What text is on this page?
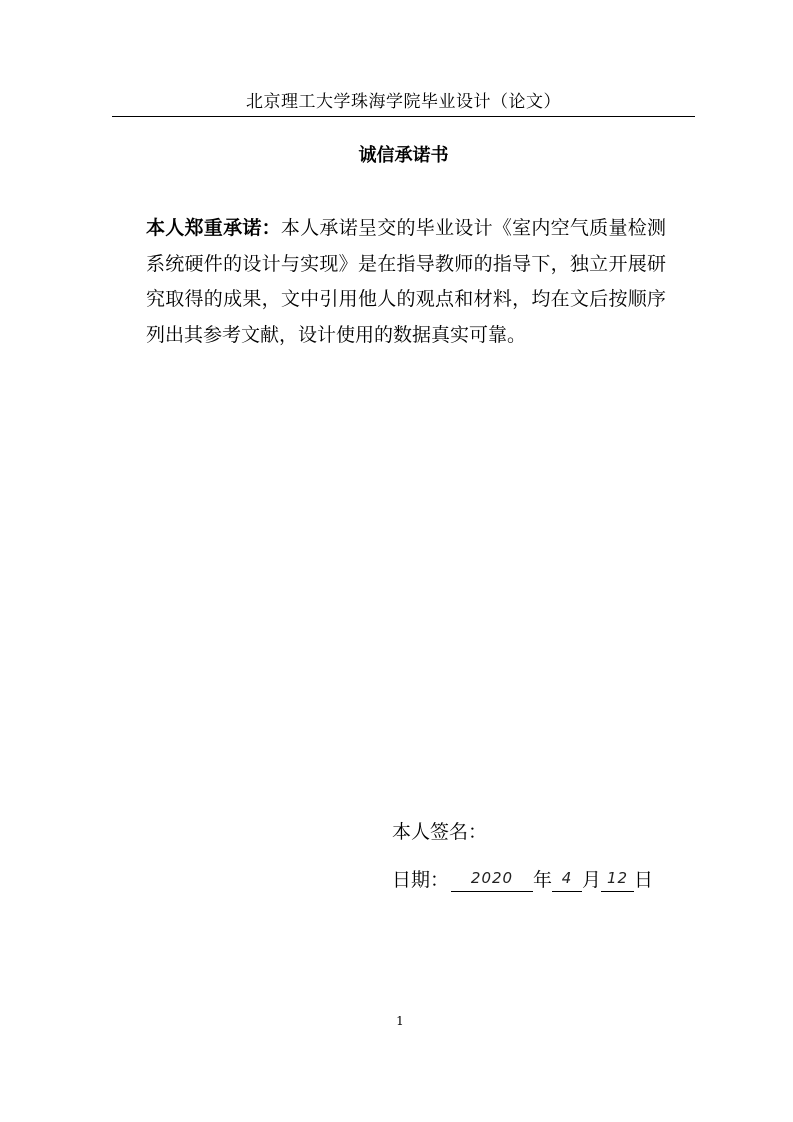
北京理工大学珠海学院毕业设计（论文）
诚信承诺书
本人郑重承诺：本人承诺呈交的毕业设计《室内空气质量检测系统硬件的设计与实现》是在指导教师的指导下，独立开展研究取得的成果，文中引用他人的观点和材料，均在文后按顺序列出其参考文献，设计使用的数据真实可靠。
本人签名：
日期： $^{2020}$ 年 $^4$ 月 $^{12}$ 日
1
